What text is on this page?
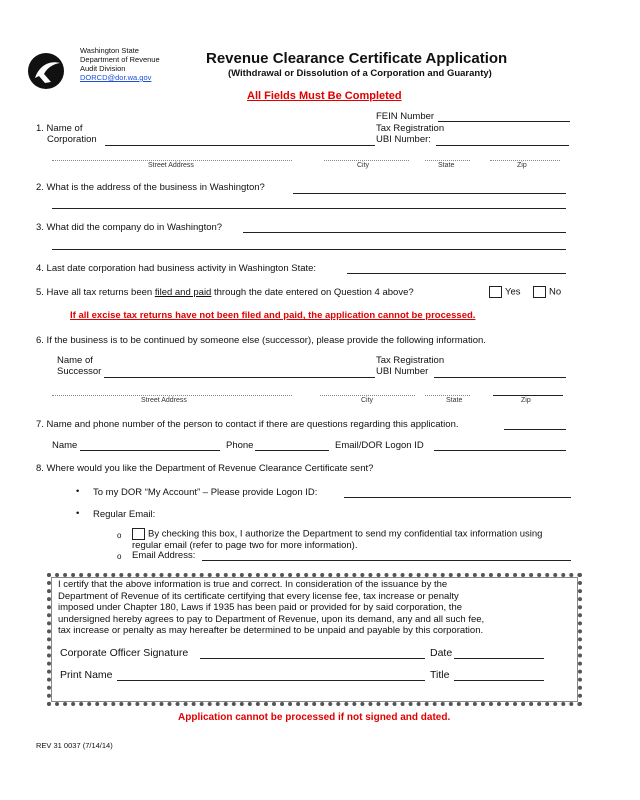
Washington State
Department of Revenue
Audit Division
DORCD@dor.wa.gov
Revenue Clearance Certificate Application
(Withdrawal or Dissolution of a Corporation and Guaranty)
All Fields Must Be Completed
FEIN Number
1. Name of
Corporation
Tax Registration
UBI Number:
Street Address	City	State	Zip
2. What is the address of the business in Washington?
3. What did the company do in Washington?
4. Last date corporation had business activity in Washington State:
5. Have all tax returns been filed and paid through the date entered on Question 4 above?	Yes	No
If all excise tax returns have not been filed and paid, the application cannot be processed.
6. If the business is to be continued by someone else (successor), please provide the following information.
Name of
Successor
Tax Registration
UBI Number
Street Address	City	State	Zip
7. Name and phone number of the person to contact if there are questions regarding this application.
Name	Phone	Email/DOR Logon ID
8. Where would you like the Department of Revenue Clearance Certificate sent?
• To my DOR “My Account” – Please provide Logon ID:
• Regular Email:
o	By checking this box, I authorize the Department to send my confidential tax information using
regular email (refer to page two for more information).
o Email Address:
I certify that the above information is true and correct. In consideration of the issuance by the
Department of Revenue of its certificate certifying that every license fee, tax increase or penalty
imposed under Chapter 180, Laws if 1935 has been paid or provided for by said corporation, the
undersigned hereby agrees to pay to Department of Revenue, upon its demand, any and all such fee,
tax increase or penalty as may hereafter be determined to be unpaid and payable by this corporation.
Corporate Officer Signature	Date
Print Name	Title
Application cannot be processed if not signed and dated.
REV 31 0037 (7/14/14)
